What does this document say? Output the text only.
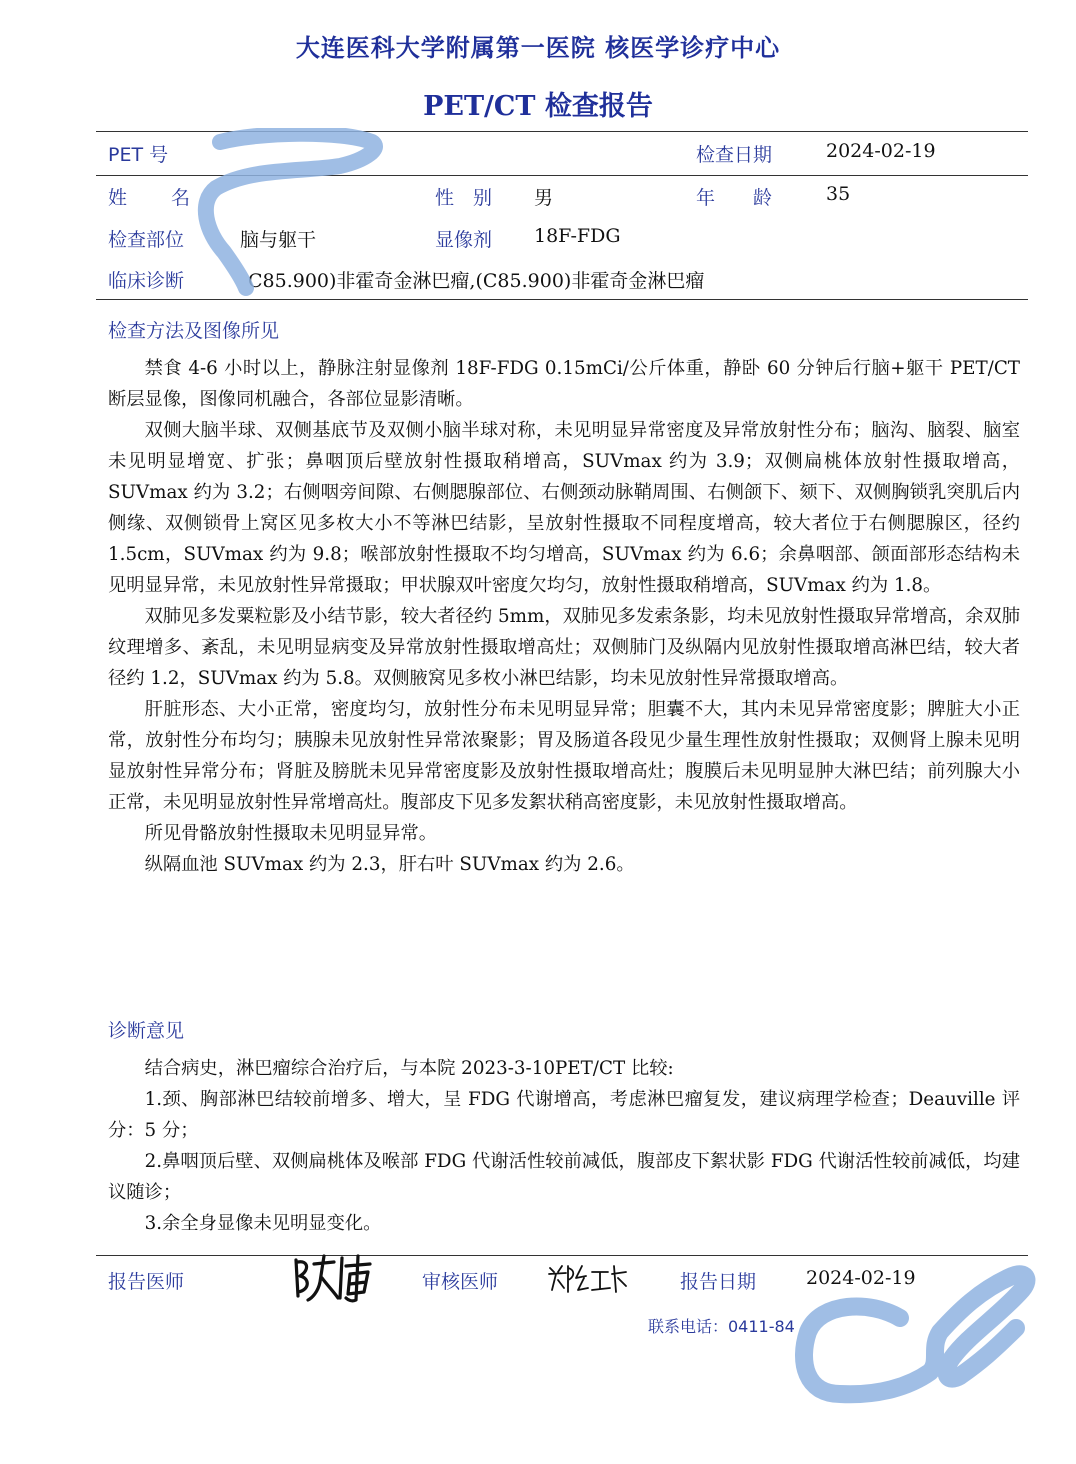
大连医科大学附属第一医院 核医学诊疗中心
PET/CT 检查报告
PET 号	检查日期	2024-02-19
姓　　名	性　别 男	年　　龄	35
检查部位	脑与躯干	显像剂 18F-FDG
临床诊断	C85.900)非霍奇金淋巴瘤,(C85.900)非霍奇金淋巴瘤
检查方法及图像所见

禁食 4-6 小时以上，静脉注射显像剂 18F-FDG 0.15mCi/公斤体重，静卧 60 分钟后行脑+躯干 PET/CT 断层显像，图像同机融合，各部位显影清晰。

双侧大脑半球、双侧基底节及双侧小脑半球对称，未见明显异常密度及异常放射性分布；脑沟、脑裂、脑室未见明显增宽、扩张；鼻咽顶后壁放射性摄取稍增高，SUVmax 约为 3.9；双侧扁桃体放射性摄取增高，SUVmax 约为 3.2；右侧咽旁间隙、右侧腮腺部位、右侧颈动脉鞘周围、右侧颌下、颏下、双侧胸锁乳突肌后内侧缘、双侧锁骨上窝区见多枚大小不等淋巴结影，呈放射性摄取不同程度增高，较大者位于右侧腮腺区，径约 1.5cm，SUVmax 约为 9.8；喉部放射性摄取不均匀增高，SUVmax 约为 6.6；余鼻咽部、颌面部形态结构未见明显异常，未见放射性异常摄取；甲状腺双叶密度欠均匀，放射性摄取稍增高，SUVmax 约为 1.8。

双肺见多发粟粒影及小结节影，较大者径约 5mm，双肺见多发索条影，均未见放射性摄取异常增高，余双肺纹理增多、紊乱，未见明显病变及异常放射性摄取增高灶；双侧肺门及纵隔内见放射性摄取增高淋巴结，较大者径约 1.2，SUVmax 约为 5.8。双侧腋窝见多枚小淋巴结影，均未见放射性异常摄取增高。

肝脏形态、大小正常，密度均匀，放射性分布未见明显异常；胆囊不大，其内未见异常密度影；脾脏大小正常，放射性分布均匀；胰腺未见放射性异常浓聚影；胃及肠道各段见少量生理性放射性摄取；双侧肾上腺未见明显放射性异常分布；肾脏及膀胱未见异常密度影及放射性摄取增高灶；腹膜后未见明显肿大淋巴结；前列腺大小正常，未见明显放射性异常增高灶。腹部皮下见多发絮状稍高密度影，未见放射性摄取增高。

所见骨骼放射性摄取未见明显异常。

纵隔血池 SUVmax 约为 2.3，肝右叶 SUVmax 约为 2.6。

诊断意见

结合病史，淋巴瘤综合治疗后，与本院 2023-3-10PET/CT 比较:

1.颈、胸部淋巴结较前增多、增大，呈 FDG 代谢增高，考虑淋巴瘤复发，建议病理学检查；Deauville 评分：5 分；

2.鼻咽顶后壁、双侧扁桃体及喉部 FDG 代谢活性较前减低，腹部皮下絮状影 FDG 代谢活性较前减低，均建议随诊；

3.余全身显像未见明显变化。

报告医师	审核医师	报告日期	2024-02-19
联系电话：0411-84
